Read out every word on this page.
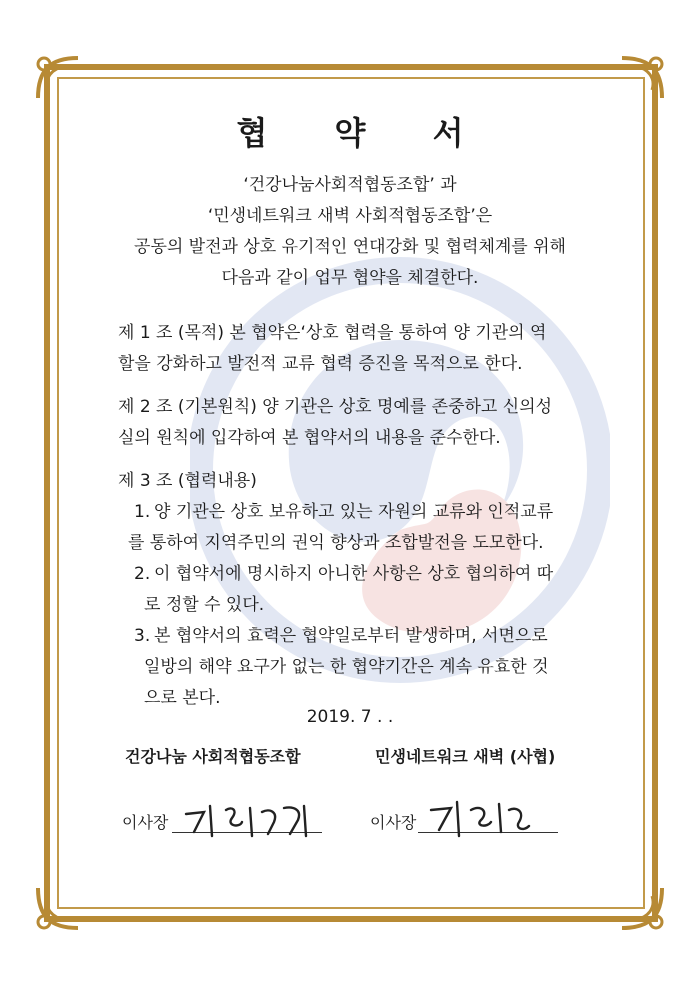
협 약 서
‘건강나눔사회적협동조합’ 과
‘민생네트워크 새벽 사회적협동조합’은
공동의 발전과 상호 유기적인 연대강화 및 협력체계를 위해
다음과 같이 업무 협약을 체결한다.

제 1 조 (목적) 본 협약은‘상호 협력을 통하여 양 기관의 역
할을 강화하고 발전적 교류 협력 증진을 목적으로 한다.

제 2 조 (기본원칙) 양 기관은 상호 명예를 존중하고 신의성
실의 원칙에 입각하여 본 협약서의 내용을 준수한다.

제 3 조 (협력내용)

1. 양 기관은 상호 보유하고 있는 자원의 교류와 인적교류

를 통하여 지역주민의 권익 향상과 조합발전을 도모한다.

2. 이 협약서에 명시하지 아니한 사항은 상호 협의하여 따

로 정할 수 있다.

3. 본 협약서의 효력은 협약일로부터 발생하며, 서면으로

일방의 해약 요구가 없는 한 협약기간은 계속 유효한 것

으로 본다.

2019. 7 . .
건강나눔 사회적협동조합	민생네트워크 새벽 (사협)
이사장	이사장
